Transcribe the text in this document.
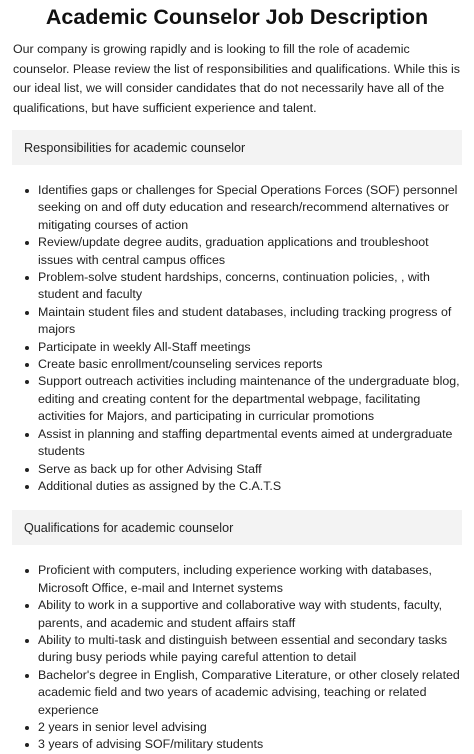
Academic Counselor Job Description

Our company is growing rapidly and is looking to fill the role of academic counselor. Please review the list of responsibilities and qualifications. While this is our ideal list, we will consider candidates that do not necessarily have all of the qualifications, but have sufficient experience and talent.

Responsibilities for academic counselor
Identifies gaps or challenges for Special Operations Forces (SOF) personnel seeking on and off duty education and research/recommend alternatives or mitigating courses of action
Review/update degree audits, graduation applications and troubleshoot issues with central campus offices
Problem-solve student hardships, concerns, continuation policies, , with student and faculty
Maintain student files and student databases, including tracking progress of majors
Participate in weekly All-Staff meetings
Create basic enrollment/counseling services reports
Support outreach activities including maintenance of the undergraduate blog, editing and creating content for the departmental webpage, facilitating activities for Majors, and participating in curricular promotions
Assist in planning and staffing departmental events aimed at undergraduate students
Serve as back up for other Advising Staff
Additional duties as assigned by the C.A.T.S
Qualifications for academic counselor
Proficient with computers, including experience working with databases, Microsoft Office, e-mail and Internet systems
Ability to work in a supportive and collaborative way with students, faculty, parents, and academic and student affairs staff
Ability to multi-task and distinguish between essential and secondary tasks during busy periods while paying careful attention to detail
Bachelor's degree in English, Comparative Literature, or other closely related academic field and two years of academic advising, teaching or related experience
2 years in senior level advising
3 years of advising SOF/military students
